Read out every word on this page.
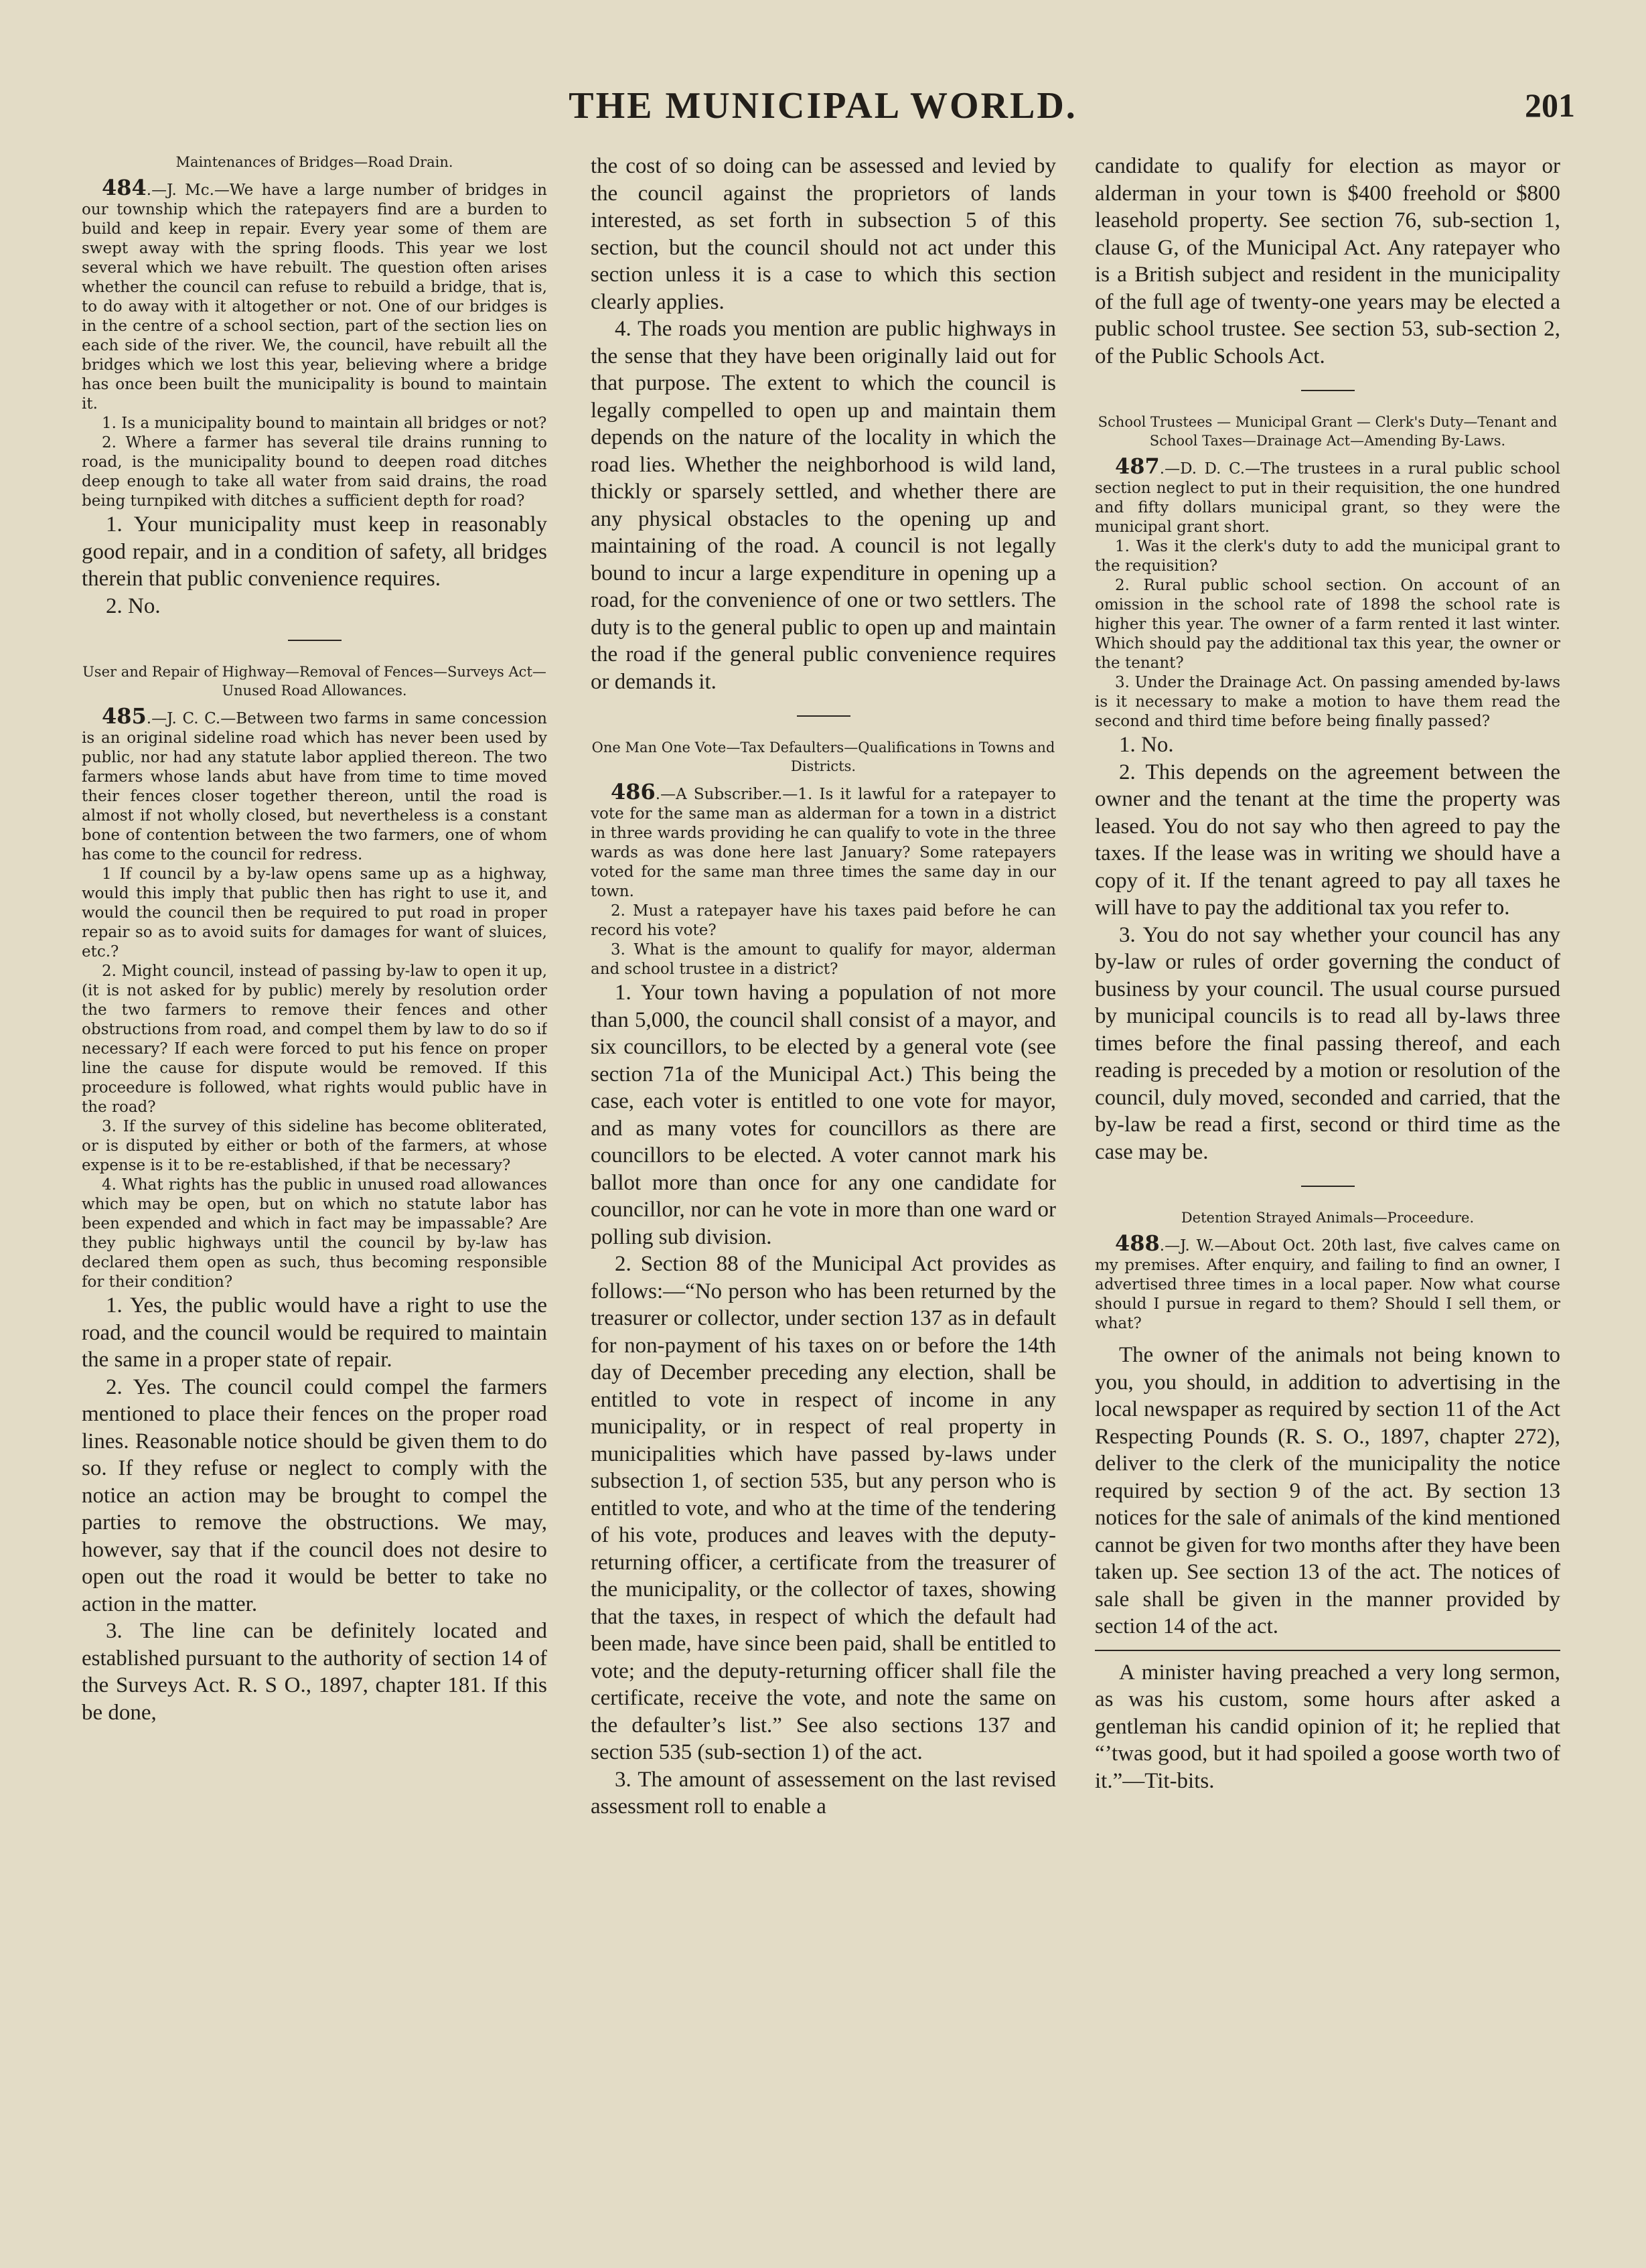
THE MUNICIPAL WORLD.	201

Maintenances of Bridges—Road Drain.

484.—J. Mc.—We have a large number of bridges in our township which the ratepayers find are a burden to build and keep in repair. Every year some of them are swept away with the spring floods. This year we lost several which we have rebuilt. The question often arises whether the council can refuse to rebuild a bridge, that is, to do away with it altogether or not. One of our bridges is in the centre of a school section, part of the section lies on each side of the river. We, the council, have rebuilt all the bridges which we lost this year, believing where a bridge has once been built the municipality is bound to maintain it.

1. Is a municipality bound to maintain all bridges or not?

2. Where a farmer has several tile drains running to road, is the municipality bound to deepen road ditches deep enough to take all water from said drains, the road being turnpiked with ditches a sufficient depth for road?

1. Your municipality must keep in reasonably good repair, and in a condition of safety, all bridges therein that public convenience requires.

2. No.

User and Repair of Highway—Removal of Fences—Surveys Act—Unused Road Allowances.

485.—J. C. C.—Between two farms in same concession is an original sideline road which has never been used by public, nor had any statute labor applied thereon. The two farmers whose lands abut have from time to time moved their fences closer together thereon, until the road is almost if not wholly closed, but nevertheless is a constant bone of contention between the two farmers, one of whom has come to the council for redress.

1 If council by a by-law opens same up as a highway, would this imply that public then has right to use it, and would the council then be required to put road in proper repair so as to avoid suits for damages for want of sluices, etc.?

2. Might council, instead of passing by-law to open it up, (it is not asked for by public) merely by resolution order the two farmers to remove their fences and other obstructions from road, and compel them by law to do so if necessary? If each were forced to put his fence on proper line the cause for dispute would be removed. If this proceedure is followed, what rights would public have in the road?

3. If the survey of this sideline has become obliterated, or is disputed by either or both of the farmers, at whose expense is it to be re-established, if that be necessary?

4. What rights has the public in unused road allowances which may be open, but on which no statute labor has been expended and which in fact may be impassable? Are they public highways until the council by by-law has declared them open as such, thus becoming responsible for their condition?

1. Yes, the public would have a right to use the road, and the council would be required to maintain the same in a proper state of repair.

2. Yes. The council could compel the farmers mentioned to place their fences on the proper road lines. Reasonable notice should be given them to do so. If they refuse or neglect to comply with the notice an action may be brought to compel the parties to remove the obstructions. We may, however, say that if the council does not desire to open out the road it would be better to take no action in the matter.

3. The line can be definitely located and established pursuant to the authority of section 14 of the Surveys Act. R. S O., 1897, chapter 181. If this be done,

the cost of so doing can be assessed and levied by the council against the proprietors of lands interested, as set forth in subsection 5 of this section, but the council should not act under this section unless it is a case to which this section clearly applies.

4. The roads you mention are public highways in the sense that they have been originally laid out for that purpose. The extent to which the council is legally compelled to open up and maintain them depends on the nature of the locality in which the road lies. Whether the neighborhood is wild land, thickly or sparsely settled, and whether there are any physical obstacles to the opening up and maintaining of the road. A council is not legally bound to incur a large expenditure in opening up a road, for the convenience of one or two settlers. The duty is to the general public to open up and maintain the road if the general public convenience requires or demands it.

One Man One Vote—Tax Defaulters—Qualifications in Towns and Districts.

486.—A Subscriber.—1. Is it lawful for a ratepayer to vote for the same man as alderman for a town in a district in three wards providing he can qualify to vote in the three wards as was done here last January? Some ratepayers voted for the same man three times the same day in our town.

2. Must a ratepayer have his taxes paid before he can record his vote?

3. What is the amount to qualify for mayor, alderman and school trustee in a district?

1. Your town having a population of not more than 5,000, the council shall consist of a mayor, and six councillors, to be elected by a general vote (see section 71a of the Municipal Act.) This being the case, each voter is entitled to one vote for mayor, and as many votes for councillors as there are councillors to be elected. A voter cannot mark his ballot more than once for any one candidate for councillor, nor can he vote in more than one ward or polling sub division.

2. Section 88 of the Municipal Act provides as follows:—“No person who has been returned by the treasurer or collector, under section 137 as in default for non-payment of his taxes on or before the 14th day of December preceding any election, shall be entitled to vote in respect of income in any municipality, or in respect of real property in municipalities which have passed by-laws under subsection 1, of section 535, but any person who is entitled to vote, and who at the time of the tendering of his vote, produces and leaves with the deputy-returning officer, a certificate from the treasurer of the municipality, or the collector of taxes, showing that the taxes, in respect of which the default had been made, have since been paid, shall be entitled to vote; and the deputy-returning officer shall file the certificate, receive the vote, and note the same on the defaulter’s list.” See also sections 137 and section 535 (sub-section 1) of the act.

3. The amount of assessement on the last revised assessment roll to enable a

candidate to qualify for election as mayor or alderman in your town is $400 freehold or $800 leasehold property. See section 76, sub-section 1, clause G, of the Municipal Act. Any ratepayer who is a British subject and resident in the municipality of the full age of twenty-one years may be elected a public school trustee. See section 53, sub-section 2, of the Public Schools Act.

School Trustees — Municipal Grant — Clerk's Duty—Tenant and School Taxes—Drainage Act—Amending By-Laws.

487.—D. D. C.—The trustees in a rural public school section neglect to put in their requisition, the one hundred and fifty dollars municipal grant, so they were the municipal grant short.

1. Was it the clerk's duty to add the municipal grant to the requisition?

2. Rural public school section. On account of an omission in the school rate of 1898 the school rate is higher this year. The owner of a farm rented it last winter. Which should pay the additional tax this year, the owner or the tenant?

3. Under the Drainage Act. On passing amended by-laws is it necessary to make a motion to have them read the second and third time before being finally passed?

1. No.

2. This depends on the agreement between the owner and the tenant at the time the property was leased. You do not say who then agreed to pay the taxes. If the lease was in writing we should have a copy of it. If the tenant agreed to pay all taxes he will have to pay the additional tax you refer to.

3. You do not say whether your council has any by-law or rules of order governing the conduct of business by your council. The usual course pursued by municipal councils is to read all by-laws three times before the final passing thereof, and each reading is preceded by a motion or resolution of the council, duly moved, seconded and carried, that the by-law be read a first, second or third time as the case may be.

Detention Strayed Animals—Proceedure.

488.—J. W.—About Oct. 20th last, five calves came on my premises. After enquiry, and failing to find an owner, I advertised three times in a local paper. Now what course should I pursue in regard to them? Should I sell them, or what?

The owner of the animals not being known to you, you should, in addition to advertising in the local newspaper as required by section 11 of the Act Respecting Pounds (R. S. O., 1897, chapter 272), deliver to the clerk of the municipality the notice required by section 9 of the act. By section 13 notices for the sale of animals of the kind mentioned cannot be given for two months after they have been taken up. See section 13 of the act. The notices of sale shall be given in the manner provided by section 14 of the act.

A minister having preached a very long sermon, as was his custom, some hours after asked a gentleman his candid opinion of it; he replied that “’twas good, but it had spoiled a goose worth two of it.”—Tit-bits.
